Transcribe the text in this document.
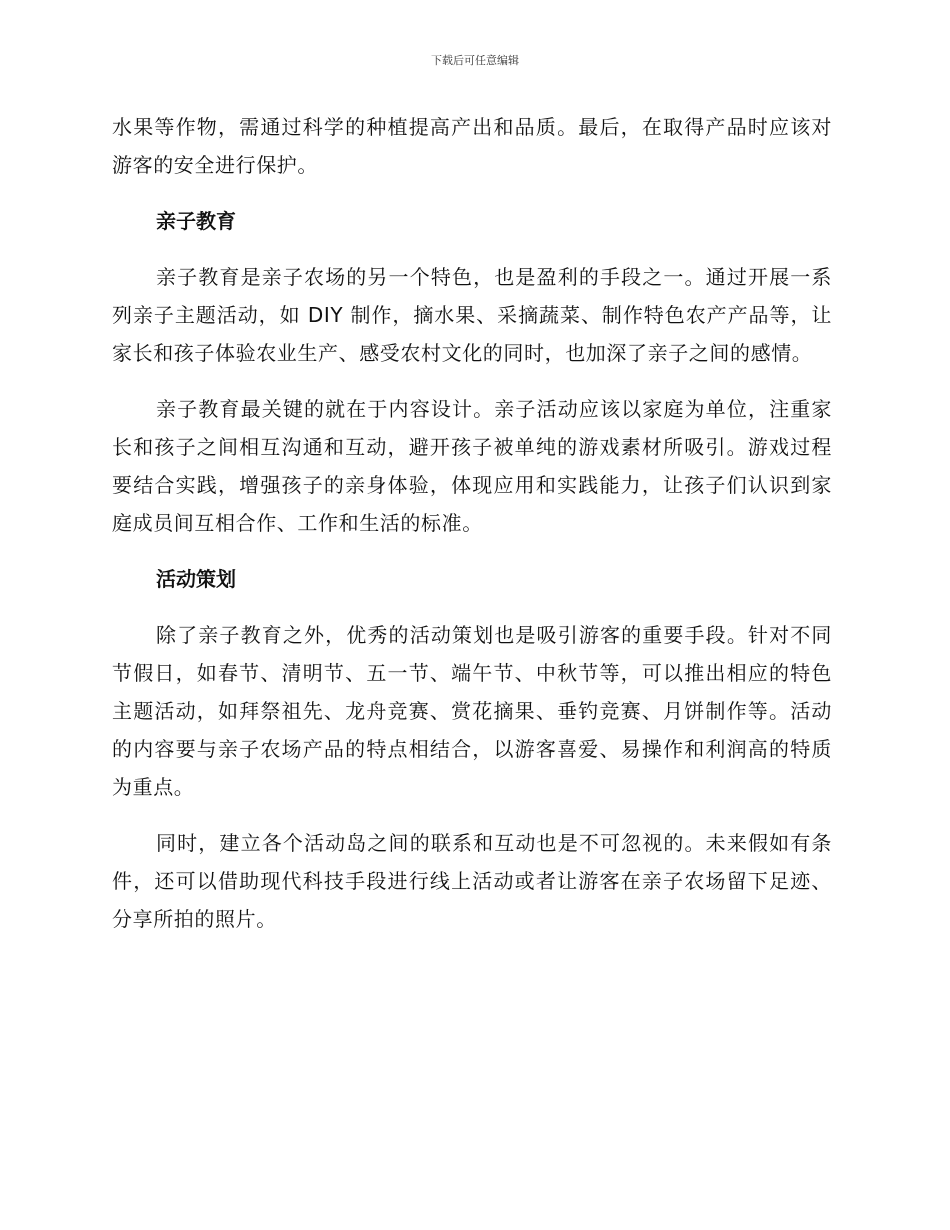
下载后可任意编辑

水果等作物，需通过科学的种植提高产出和品质。最后，在取得产品时应该对游客的安全进行保护。

亲子教育

亲子教育是亲子农场的另一个特色，也是盈利的手段之一。通过开展一系列亲子主题活动，如 DIY 制作，摘水果、采摘蔬菜、制作特色农产产品等，让家长和孩子体验农业生产、感受农村文化的同时，也加深了亲子之间的感情。

亲子教育最关键的就在于内容设计。亲子活动应该以家庭为单位，注重家长和孩子之间相互沟通和互动，避开孩子被单纯的游戏素材所吸引。游戏过程要结合实践，增强孩子的亲身体验，体现应用和实践能力，让孩子们认识到家庭成员间互相合作、工作和生活的标准。

活动策划

除了亲子教育之外，优秀的活动策划也是吸引游客的重要手段。针对不同节假日，如春节、清明节、五一节、端午节、中秋节等，可以推出相应的特色主题活动，如拜祭祖先、龙舟竞赛、赏花摘果、垂钓竞赛、月饼制作等。活动的内容要与亲子农场产品的特点相结合，以游客喜爱、易操作和利润高的特质为重点。

同时，建立各个活动岛之间的联系和互动也是不可忽视的。未来假如有条件，还可以借助现代科技手段进行线上活动或者让游客在亲子农场留下足迹、分享所拍的照片。
